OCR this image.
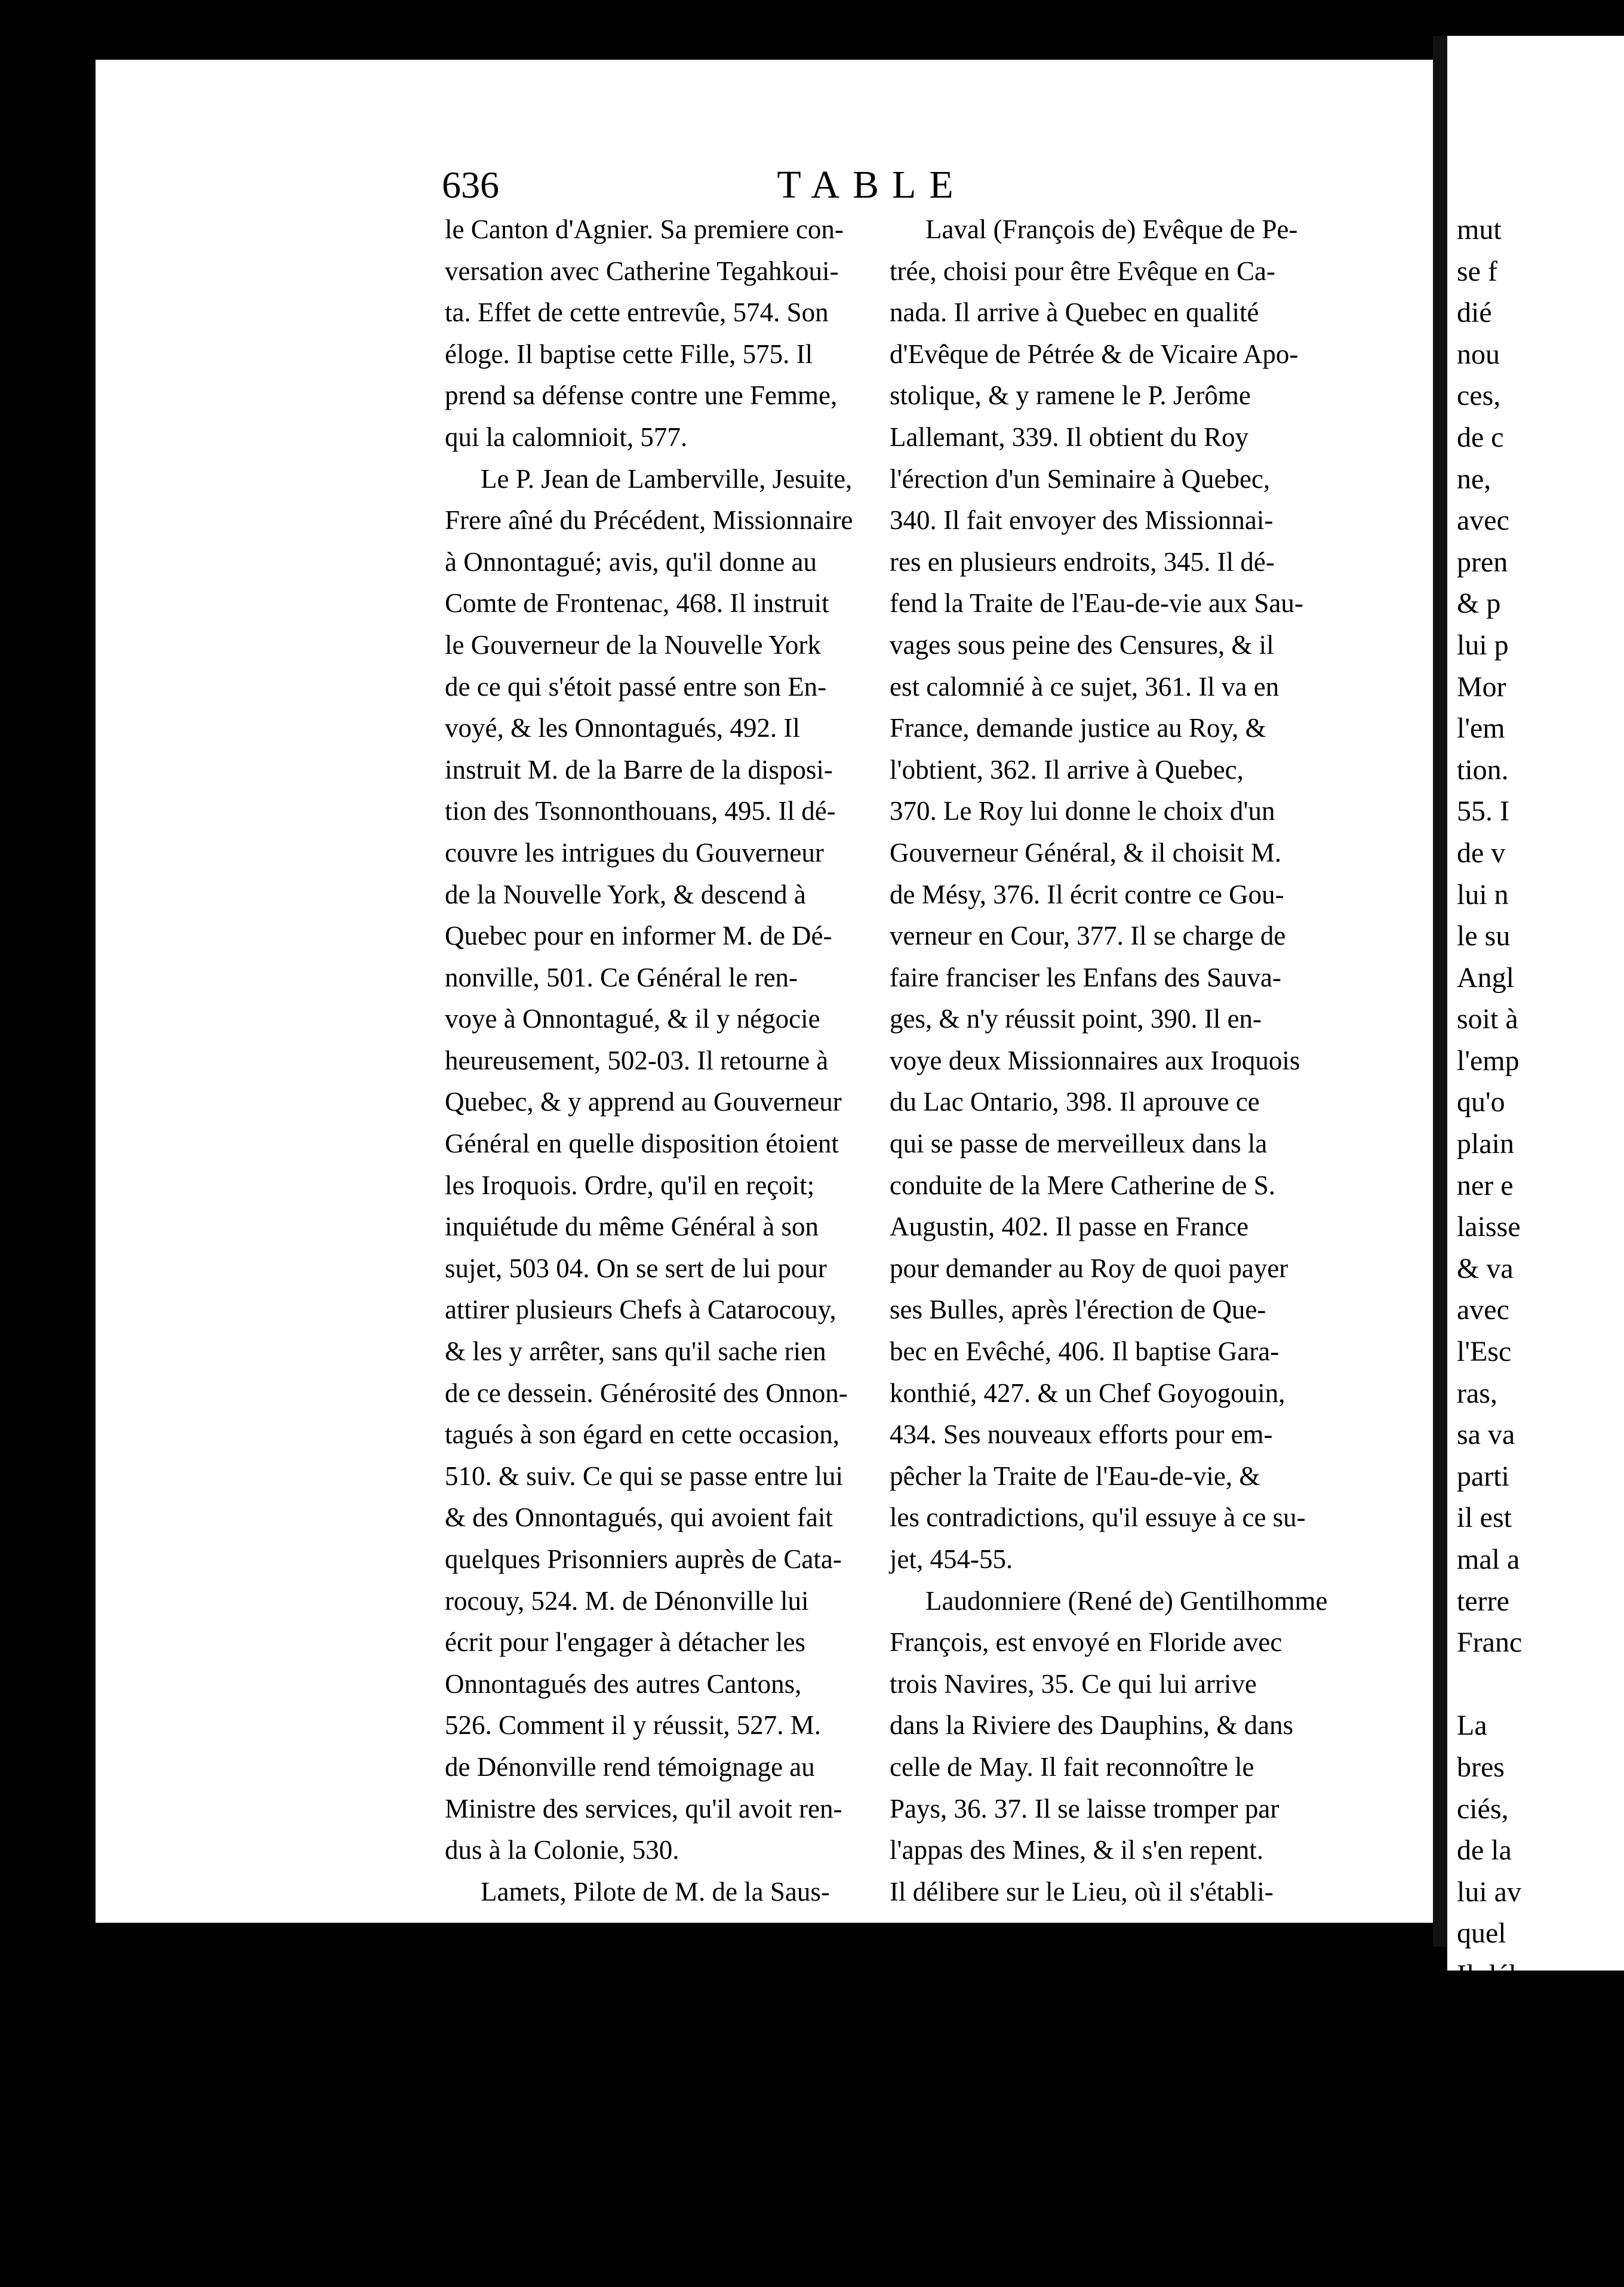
mut
se f
dié
nou
ces,
de c
ne,
avec
pren
& p
lui p
Mor
l'em
tion.
55. I
de v
lui n
le su
Angl
soit à
l'emp
qu'o
plain
ner e
laisse
& va
avec
l'Esc
ras,
sa va
parti
il est
mal a
terre
Franc

La
bres
ciés,
de la
lui av
quel
Il dél
Iroqu
souffe
l'Isle
quois
Pourc
lui fo
ponse
636	TABLE
le Canton d'Agnier. Sa premiere con-
versation avec Catherine Tegahkoui-
ta. Effet de cette entrevûe, 574. Son
éloge. Il baptise cette Fille, 575. Il
prend sa défense contre une Femme,
qui la calomnioit, 577.
Le P. Jean de Lamberville, Jesuite,
Frere aîné du Précédent, Missionnaire
à Onnontagué; avis, qu'il donne au
Comte de Frontenac, 468. Il instruit
le Gouverneur de la Nouvelle York
de ce qui s'étoit passé entre son En-
voyé, & les Onnontagués, 492. Il
instruit M. de la Barre de la disposi-
tion des Tsonnonthouans, 495. Il dé-
couvre les intrigues du Gouverneur
de la Nouvelle York, & descend à
Quebec pour en informer M. de Dé-
nonville, 501. Ce Général le ren-
voye à Onnontagué, & il y négocie
heureusement, 502-03. Il retourne à
Quebec, & y apprend au Gouverneur
Général en quelle disposition étoient
les Iroquois. Ordre, qu'il en reçoit;
inquiétude du même Général à son
sujet, 503 04. On se sert de lui pour
attirer plusieurs Chefs à Catarocouy,
& les y arrêter, sans qu'il sache rien
de ce dessein. Générosité des Onnon-
tagués à son égard en cette occasion,
510. & suiv. Ce qui se passe entre lui
& des Onnontagués, qui avoient fait
quelques Prisonniers auprès de Cata-
rocouy, 524. M. de Dénonville lui
écrit pour l'engager à détacher les
Onnontagués des autres Cantons,
526. Comment il y réussit, 527. M.
de Dénonville rend témoignage au
Ministre des services, qu'il avoit ren-
dus à la Colonie, 530.
Lamets, Pilote de M. de la Saus-
saye, se sauve dans le Bois après la
prise de S. Sauveur, 136. Il se rembar-
que, 137.
La Lande, jeune François, qui ac-
compagnoit le P. Jogues dans son der-
nier voyage aux Iroquois, & qui fut
tué avec lui. 276.
Lapis Lazuli. Rocher de Lapis La-
zuli sur les Côtes de l'Acadie, 114.
Laval (François de) Evêque de Pe-
trée, choisi pour être Evêque en Ca-
nada. Il arrive à Quebec en qualité
d'Evêque de Pétrée & de Vicaire Apo-
stolique, & y ramene le P. Jerôme
Lallemant, 339. Il obtient du Roy
l'érection d'un Seminaire à Quebec,
340. Il fait envoyer des Missionnai-
res en plusieurs endroits, 345. Il dé-
fend la Traite de l'Eau-de-vie aux Sau-
vages sous peine des Censures, & il
est calomnié à ce sujet, 361. Il va en
France, demande justice au Roy, &
l'obtient, 362. Il arrive à Quebec,
370. Le Roy lui donne le choix d'un
Gouverneur Général, & il choisit M.
de Mésy, 376. Il écrit contre ce Gou-
verneur en Cour, 377. Il se charge de
faire franciser les Enfans des Sauva-
ges, & n'y réussit point, 390. Il en-
voye deux Missionnaires aux Iroquois
du Lac Ontario, 398. Il aprouve ce
qui se passe de merveilleux dans la
conduite de la Mere Catherine de S.
Augustin, 402. Il passe en France
pour demander au Roy de quoi payer
ses Bulles, après l'érection de Que-
bec en Evêché, 406. Il baptise Gara-
konthié, 427. & un Chef Goyogouin,
434. Ses nouveaux efforts pour em-
pêcher la Traite de l'Eau-de-vie, &
les contradictions, qu'il essuye à ce su-
jet, 454-55.
Laudonniere (René de) Gentilhomme
François, est envoyé en Floride avec
trois Navires, 35. Ce qui lui arrive
dans la Riviere des Dauphins, & dans
celle de May. Il fait reconnoître le
Pays, 36. 37. Il se laisse tromper par
l'appas des Mines, & il s'en repent.
Il délibere sur le Lieu, où il s'établi-
ra. Pourquoi il ne rétablit point Char-
lefort? Ce qui le détermine à la Rivie-
re de May; il y bâtit le Fort de la Ca-
roline, 39. Il refuse d'accompagner
Saturiova à la guerre, 43. Il lui enleve
des Prisonniers, & ce qu'il en fait,
45. Comment il profite d'un grand
orage, & de la frayeur, qu'il avoit
inspirée aux Sauvages, 47. Ses Gens se
